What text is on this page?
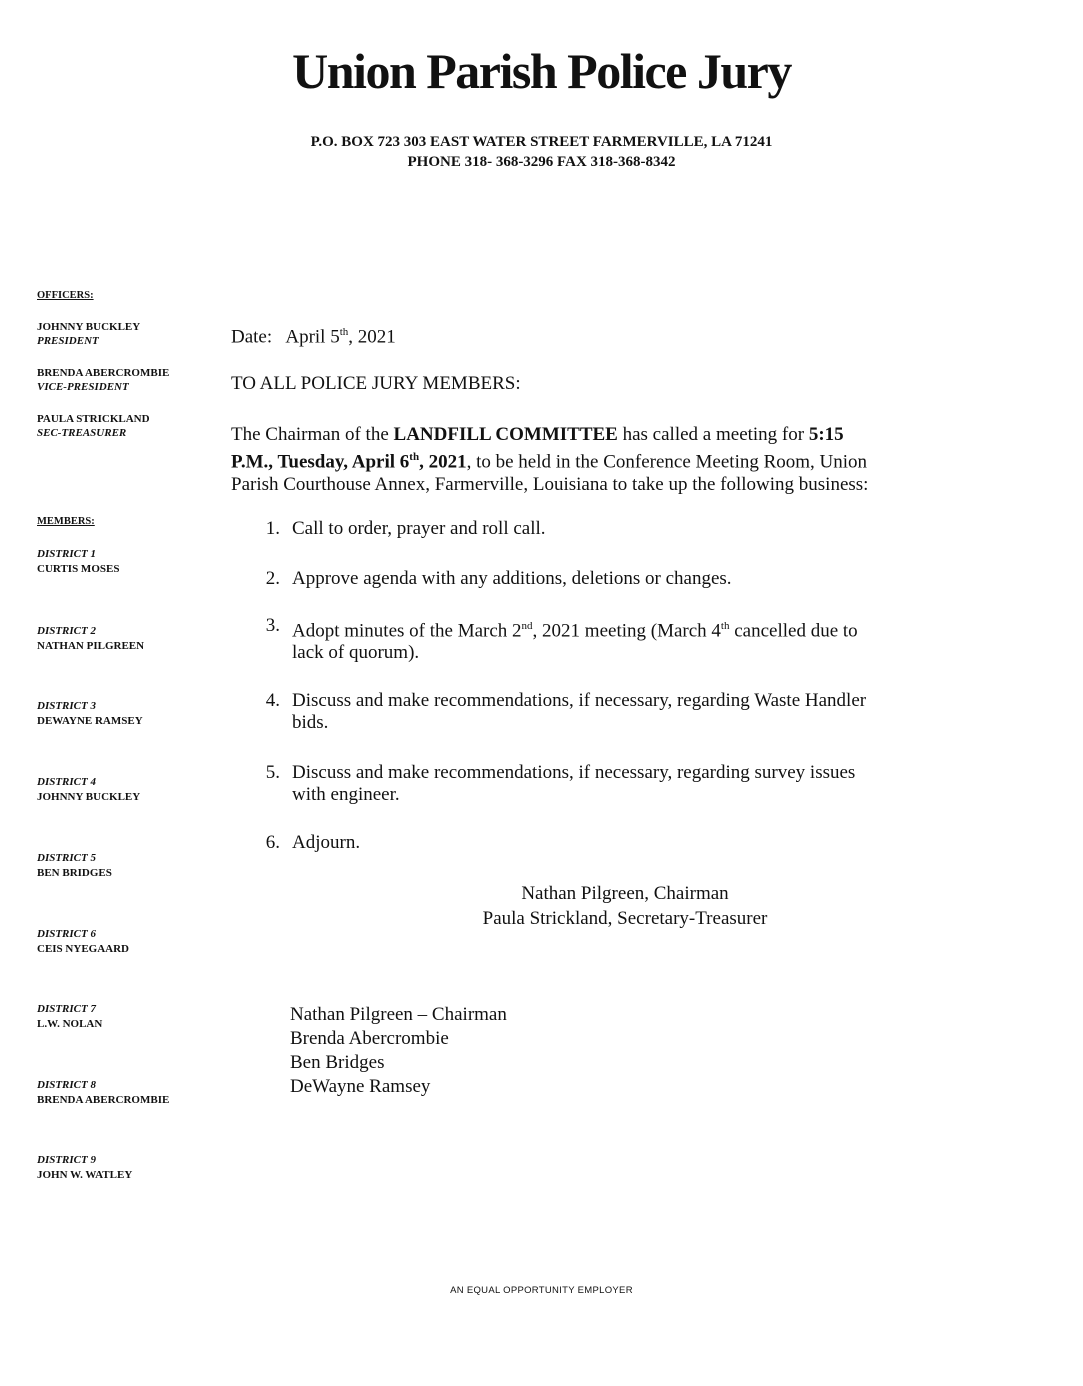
Union Parish Police Jury
P.O. BOX 723 303 EAST WATER STREET FARMERVILLE, LA 71241
PHONE 318- 368-3296 FAX 318-368-8342
OFFICERS:
JOHNNY BUCKLEY
PRESIDENT
BRENDA ABERCROMBIE
VICE-PRESIDENT
PAULA STRICKLAND
SEC-TREASURER
MEMBERS:
DISTRICT 1
CURTIS MOSES
DISTRICT 2
NATHAN PILGREEN
DISTRICT 3
DEWAYNE RAMSEY
DISTRICT 4
JOHNNY BUCKLEY
DISTRICT 5
BEN BRIDGES
DISTRICT 6
CEIS NYEGAARD
DISTRICT 7
L.W. NOLAN
DISTRICT 8
BRENDA ABERCROMBIE
DISTRICT 9
JOHN W. WATLEY
Date: April 5th, 2021
TO ALL POLICE JURY MEMBERS:
The Chairman of the LANDFILL COMMITTEE has called a meeting for 5:15
P.M., Tuesday, April 6th, 2021, to be held in the Conference Meeting Room, Union
Parish Courthouse Annex, Farmerville, Louisiana to take up the following business:
1. Call to order, prayer and roll call.
2. Approve agenda with any additions, deletions or changes.
3. Adopt minutes of the March 2nd, 2021 meeting (March 4th cancelled due to
lack of quorum).
4. Discuss and make recommendations, if necessary, regarding Waste Handler
bids.
5. Discuss and make recommendations, if necessary, regarding survey issues
with engineer.
6. Adjourn.
Nathan Pilgreen, Chairman
Paula Strickland, Secretary-Treasurer
Nathan Pilgreen – Chairman
Brenda Abercrombie
Ben Bridges
DeWayne Ramsey
AN EQUAL OPPORTUNITY EMPLOYER
